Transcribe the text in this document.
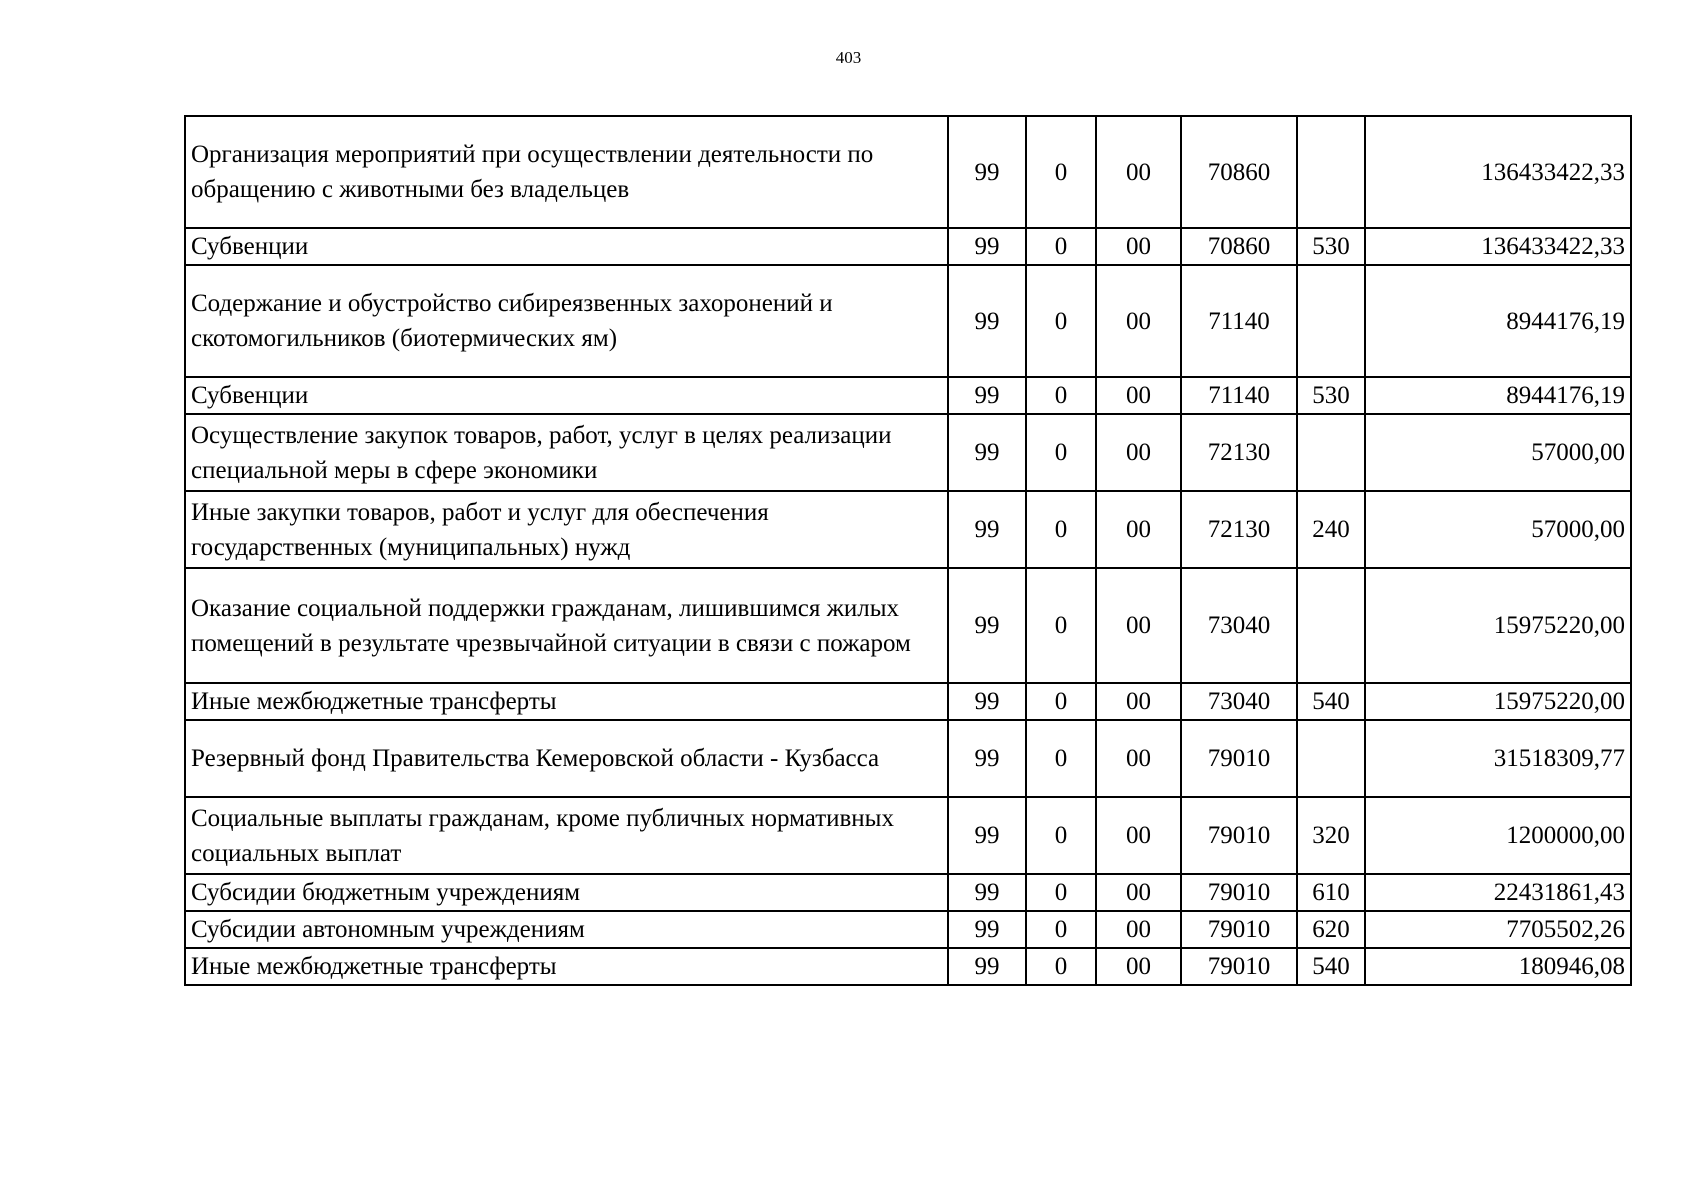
403
Организация мероприятий при осуществлении деятельности по обращению с животными без владельцев	99	0	00	70860		136433422,33
Субвенции	99	0	00	70860	530	136433422,33
Содержание и обустройство сибиреязвенных захоронений и скотомогильников (биотермических ям)	99	0	00	71140		8944176,19
Субвенции	99	0	00	71140	530	8944176,19
Осуществление закупок товаров, работ, услуг в целях реализации специальной меры в сфере экономики	99	0	00	72130		57000,00
Иные закупки товаров, работ и услуг для обеспечения государственных (муниципальных) нужд	99	0	00	72130	240	57000,00
Оказание социальной поддержки гражданам, лишившимся жилых помещений в результате чрезвычайной ситуации в связи с пожаром	99	0	00	73040		15975220,00
Иные межбюджетные трансферты	99	0	00	73040	540	15975220,00
Резервный фонд Правительства Кемеровской области - Кузбасса	99	0	00	79010		31518309,77
Социальные выплаты гражданам, кроме публичных нормативных социальных выплат	99	0	00	79010	320	1200000,00
Субсидии бюджетным учреждениям	99	0	00	79010	610	22431861,43
Субсидии автономным учреждениям	99	0	00	79010	620	7705502,26
Иные межбюджетные трансферты	99	0	00	79010	540	180946,08
